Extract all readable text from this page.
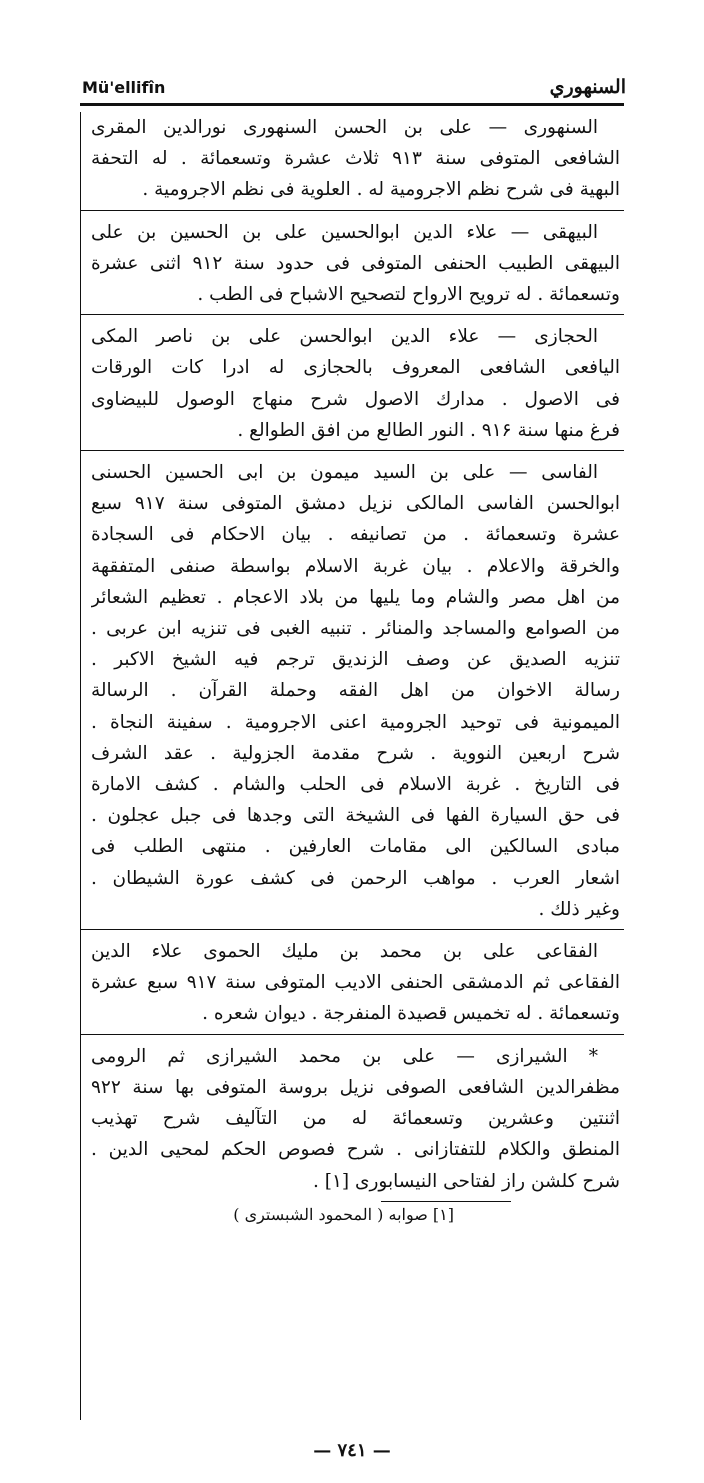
Mü'ellifîn	السنهوري
السنهوری — علی بن الحسن السنهوری نورالدین المقری
الشافعی المتوفی سنة ۹۱۳ ثلاث عشرة وتسعمائة . له التحفة
البهیة فی شرح نظم الاجرومیة له . العلویة فی نظم الاجرومیة .
البیهقی — علاء الدین ابوالحسین علی بن الحسین بن علی
البیهقی الطبیب الحنفی المتوفی فی حدود سنة ۹۱۲ اثنی عشرة
وتسعمائة . له ترویح الارواح لتصحیح الاشباح فی الطب .
الحجازی — علاء الدین ابوالحسن علی بن ناصر المکی
الیافعی الشافعی المعروف بالحجازی له ادرا کات الورقات
فی الاصول . مدارك الاصول شرح منهاج الوصول للبیضاوی
فرغ منها سنة ۹۱۶ . النور الطالع من افق الطوالع .
الفاسی — علی بن السید میمون بن ابی الحسین الحسنی
ابوالحسن الفاسی المالکی نزیل دمشق المتوفی سنة ۹۱۷ سبع
عشرة وتسعمائة . من تصانیفه . بیان الاحکام فی السجادة
والخرقة والاعلام . بیان غربة الاسلام بواسطة صنفی المتفقهة
من اهل مصر والشام وما یلیها من بلاد الاعجام . تعظیم الشعائر
من الصوامع والمساجد والمنائر . تنبیه الغبی فی تنزیه ابن عربی .
تنزیه الصدیق عن وصف الزندیق ترجم فیه الشیخ الاکبر .
رسالة الاخوان من اهل الفقه وحملة القرآن . الرسالة
المیمونیة فی توحید الجرومیة اعنی الاجرومیة . سفینة النجاة .
شرح اربعین النوویة . شرح مقدمة الجزولیة . عقد الشرف
فی التاریخ . غربة الاسلام فی الحلب والشام . کشف الامارة
فی حق السیارة الفها فی الشیخة التی وجدها فی جبل عجلون .
مبادی السالکین الی مقامات العارفین . منتهی الطلب فی
اشعار العرب . مواهب الرحمن فی کشف عورة الشیطان .
وغیر ذلك .
الفقاعی علی بن محمد بن ملیك الحموی علاء الدین
الفقاعی ثم الدمشقی الحنفی الادیب المتوفی سنة ۹۱۷ سبع عشرة
وتسعمائة . له تخمیس قصیدة المنفرجة . دیوان شعره .
* الشیرازی — علی بن محمد الشیرازی ثم الرومی
مظفرالدین الشافعی الصوفی نزیل بروسة المتوفی بها سنة ۹۲۲
اثنتین وعشرین وتسعمائة له من التآلیف شرح تهذیب
المنطق والکلام للتفتازانی . شرح فصوص الحکم لمحیی الدین .
شرح کلشن راز لفتاحی النیسابوری [۱] .
[۱] صوابه ( المحمود الشبستری )
— ۷٤۱ —
